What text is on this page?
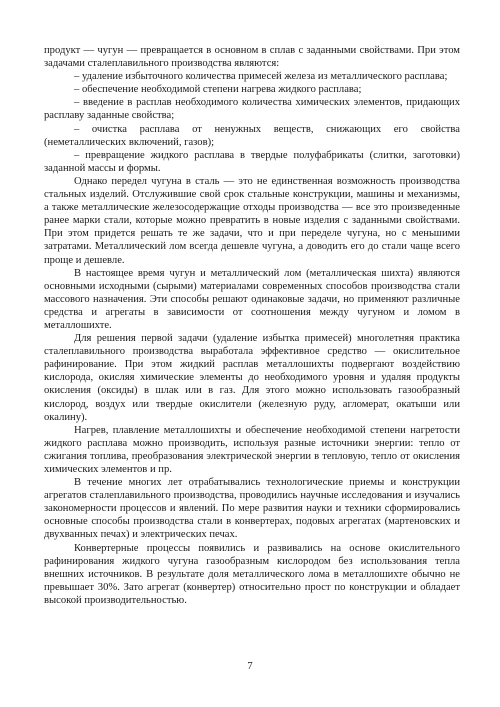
продукт — чугун — превращается в основном в сплав с заданными свойствами. При этом задачами сталеплавильного производства являются:

– удаление избыточного количества примесей железа из металлического расплава;

– обеспечение необходимой степени нагрева жидкого расплава;

– введение в расплав необходимого количества химических элементов, придающих расплаву заданные свойства;

– очистка расплава от ненужных веществ, снижающих его свойства (неметаллических включений, газов);

– превращение жидкого расплава в твердые полуфабрикаты (слитки, заготовки) заданной массы и формы.

Однако передел чугуна в сталь — это не единственная возможность производства стальных изделий. Отслужившие свой срок стальные конструкции, машины и механизмы, а также металлические железосодержащие отходы производства — все это произведенные ранее марки стали, которые можно превратить в новые изделия с заданными свойствами. При этом придется решать те же задачи, что и при переделе чугуна, но с меньшими затратами. Металлический лом всегда дешевле чугуна, а доводить его до стали чаще всего проще и дешевле.

В настоящее время чугун и металлический лом (металлическая шихта) являются основными исходными (сырыми) материалами современных способов производства стали массового назначения. Эти способы решают одинаковые задачи, но применяют различные средства и агрегаты в зависимости от соотношения между чугуном и ломом в металлошихте.

Для решения первой задачи (удаление избытка примесей) многолетняя практика сталеплавильного производства выработала эффективное средство — окислительное рафинирование. При этом жидкий расплав металлошихты подвергают воздействию кислорода, окисляя химические элементы до необходимого уровня и удаляя продукты окисления (оксиды) в шлак или в газ. Для этого можно использовать газообразный кислород, воздух или твердые окислители (железную руду, агломерат, окатыши или окалину).

Нагрев, плавление металлошихты и обеспечение необходимой степени нагретости жидкого расплава можно производить, используя разные источники энергии: тепло от сжигания топлива, преобразования электрической энергии в тепловую, тепло от окисления химических элементов и пр.

В течение многих лет отрабатывались технологические приемы и конструкции агрегатов сталеплавильного производства, проводились научные исследования и изучались закономерности процессов и явлений. По мере развития науки и техники сформировались основные способы производства стали в конвертерах, подовых агрегатах (мартеновских и двухванных печах) и электрических печах.

Конвертерные процессы появились и развивались на основе окислительного рафинирования жидкого чугуна газообразным кислородом без использования тепла внешних источников. В результате доля металлического лома в металлошихте обычно не превышает 30%. Зато агрегат (конвертер) относительно прост по конструкции и обладает высокой производительностью.

7
